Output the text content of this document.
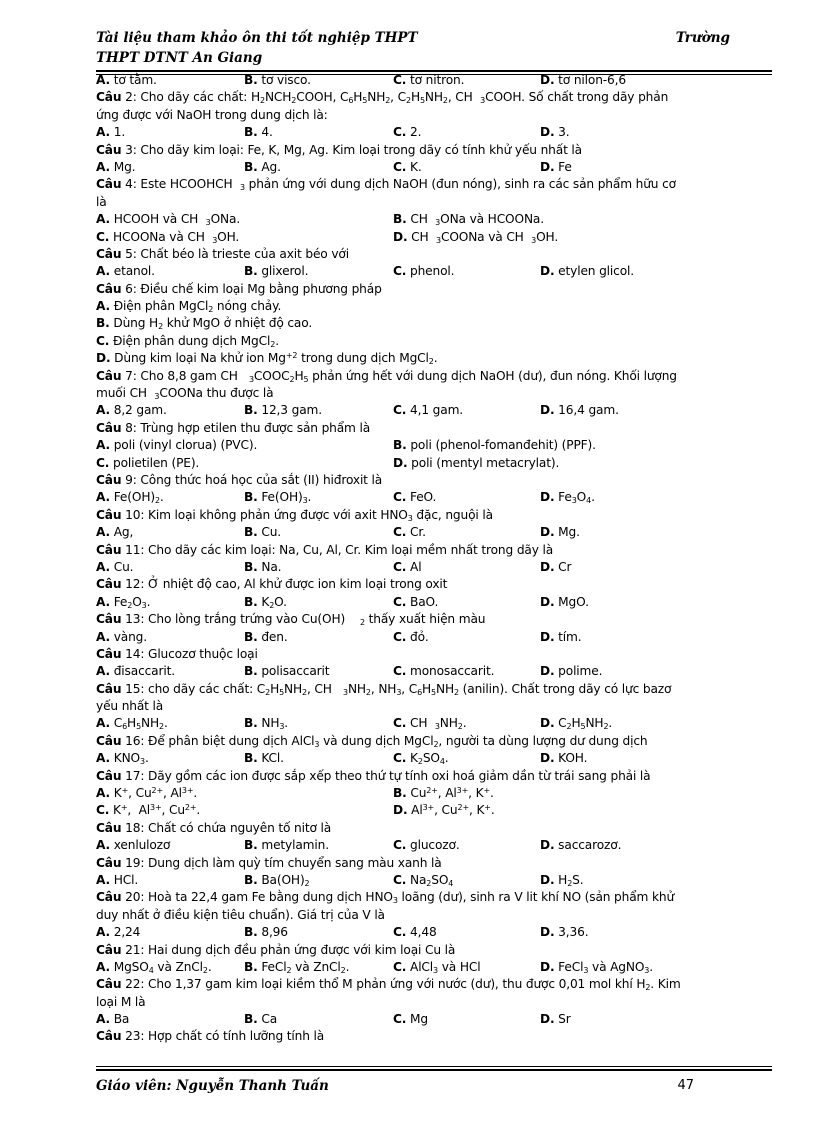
Tài liệu tham khảo ôn thi tốt nghiệp THPT
THPT DTNT An Giang
Trường
A. tơ tằm.	B. tơ visco.	C. tơ nitron.	D. tơ nilon-6,6
Câu 2: Cho dãy các chất: $H_2NCH_2COOH$, $C_6H_5NH_2$, $C_2H_5NH_2$, CH  $_3$COOH. Số chất trong dãy phản
ứng được với NaOH trong dung dịch là:
A. 1.	B. 4.	C. 2.	D. 3.
Câu 3: Cho dãy kim loại: Fe, K, Mg, Ag. Kim loại trong dãy có tính khử yếu nhất là
A. Mg.	B. Ag.	C. K.	D. Fe
Câu 4: Este HCOOHCH  $_3$ phản ứng với dung dịch NaOH (đun nóng), sinh ra các sản phẩm hữu cơ
là
A. HCOOH và CH  $_3$ONa.	B. CH  $_3$ONa và HCOONa.
C. HCOONa và CH  $_3$OH.	D. CH  $_3$COONa và CH  $_3$OH.
Câu 5: Chất béo là trieste của axit béo với
A. etanol.	B. glixerol.	C. phenol.	D. etylen glicol.
Câu 6: Điều chế kim loại Mg bằng phương pháp
A. Điện phân MgCl$_2$ nóng chảy.
B. Dùng $H_2$ khử MgO ở nhiệt độ cao.
C. Điện phân dung dịch MgCl$_2$.
D. Dùng kim loại Na khử ion $Mg^{+2}$ trong dung dịch MgCl$_2$.
Câu 7: Cho 8,8 gam CH   $_3COOC_2H_5$ phản ứng hết với dung dịch NaOH (dư), đun nóng. Khối lượng
muối CH  $_3$COONa thu được là
A. 8,2 gam.	B. 12,3 gam.	C. 4,1 gam.	D. 16,4 gam.
Câu 8: Trùng hợp etilen thu được sản phẩm là
A. poli (vinyl clorua) (PVC).	B. poli (phenol-fomanđehit) (PPF).
C. polietilen (PE).	D. poli (mentyl metacrylat).
Câu 9: Công thức hoá học của sắt (II) hiđroxit là
A. $Fe(OH)_2$.	B. $Fe(OH)_3$.	C. FeO.	D. $Fe_3O_4$.
Câu 10: Kim loại không phản ứng được với axit $HNO_3$ đặc, nguội là
A. Ag,	B. Cu.	C. Cr.	D. Mg.
Câu 11: Cho dãy các kim loại: Na, Cu, Al, Cr. Kim loại mềm nhất trong dãy là
A. Cu.	B. Na.	C. Al	D. Cr
Câu 12: Ở nhiệt độ cao, Al khử được ion kim loại trong oxit
A. $Fe_2O_3$.	B. $K_2O$.	C. BaO.	D. MgO.
Câu 13: Cho lòng trắng trứng vào Cu(OH)    $_2$ thấy xuất hiện màu
A. vàng.	B. đen.	C. đỏ.	D. tím.
Câu 14: Glucozơ thuộc loại
A. đisaccarit.	B. polisaccarit	C. monosaccarit.	D. polime.
Câu 15: cho dãy các chất: $C_2H_5NH_2$, CH   $_3NH_2$, $NH_3$, $C_6H_5NH_2$ (anilin). Chất trong dãy có lực bazơ
yếu nhất là
A. $C_6H_5NH_2$.	B. $NH_3$.	C. CH  $_3NH_2$.	D. $C_2H_5NH_2$.
Câu 16: Để phân biệt dung dịch AlCl$_3$ và dung dịch MgCl$_2$, người ta dùng lượng dư dung dịch
A. $KNO_3$.	B. KCl.	C. $K_2SO_4$.	D. KOH.
Câu 17: Dãy gồm các ion được sắp xếp theo thứ tự tính oxi hoá giảm dần từ trái sang phải là
A. K+, $Cu^{2+}$, $Al^{3+}$.	B. $Cu^{2+}$, $Al^{3+}$, K+.
C. K+,  $Al^{3+}$, $Cu^{2+}$.	D. $Al^{3+}$, $Cu^{2+}$, K+.
Câu 18: Chất có chứa nguyên tố nitơ là
A. xenlulozơ	B. metylamin.	C. glucozơ.	D. saccarozơ.
Câu 19: Dung dịch làm quỳ tím chuyển sang màu xanh là
A. HCl.	B. $Ba(OH)_2$	C. $Na_2SO_4$	D. $H_2S$.
Câu 20: Hoà ta 22,4 gam Fe bằng dung dịch $HNO_3$ loãng (dư), sinh ra V lit khí NO (sản phẩm khử
duy nhất ở điều kiện tiêu chuẩn). Giá trị của V là
A. 2,24	B. 8,96	C. 4,48	D. 3,36.
Câu 21: Hai dung dịch đều phản ứng được với kim loại Cu là
A. MgSO$_4$ và ZnCl$_2$.	B. FeCl$_2$ và ZnCl$_2$.	C. AlCl$_3$ và HCl	D. FeCl$_3$ và AgNO$_3$.
Câu 22: Cho 1,37 gam kim loại kiềm thổ M phản ứng với nước (dư), thu được 0,01 mol khí $H_2$. Kim
loại M là
A. Ba	B. Ca	C. Mg	D. Sr
Câu 23: Hợp chất có tính lưỡng tính là
Giáo viên: Nguyễn Thanh Tuấn	47
